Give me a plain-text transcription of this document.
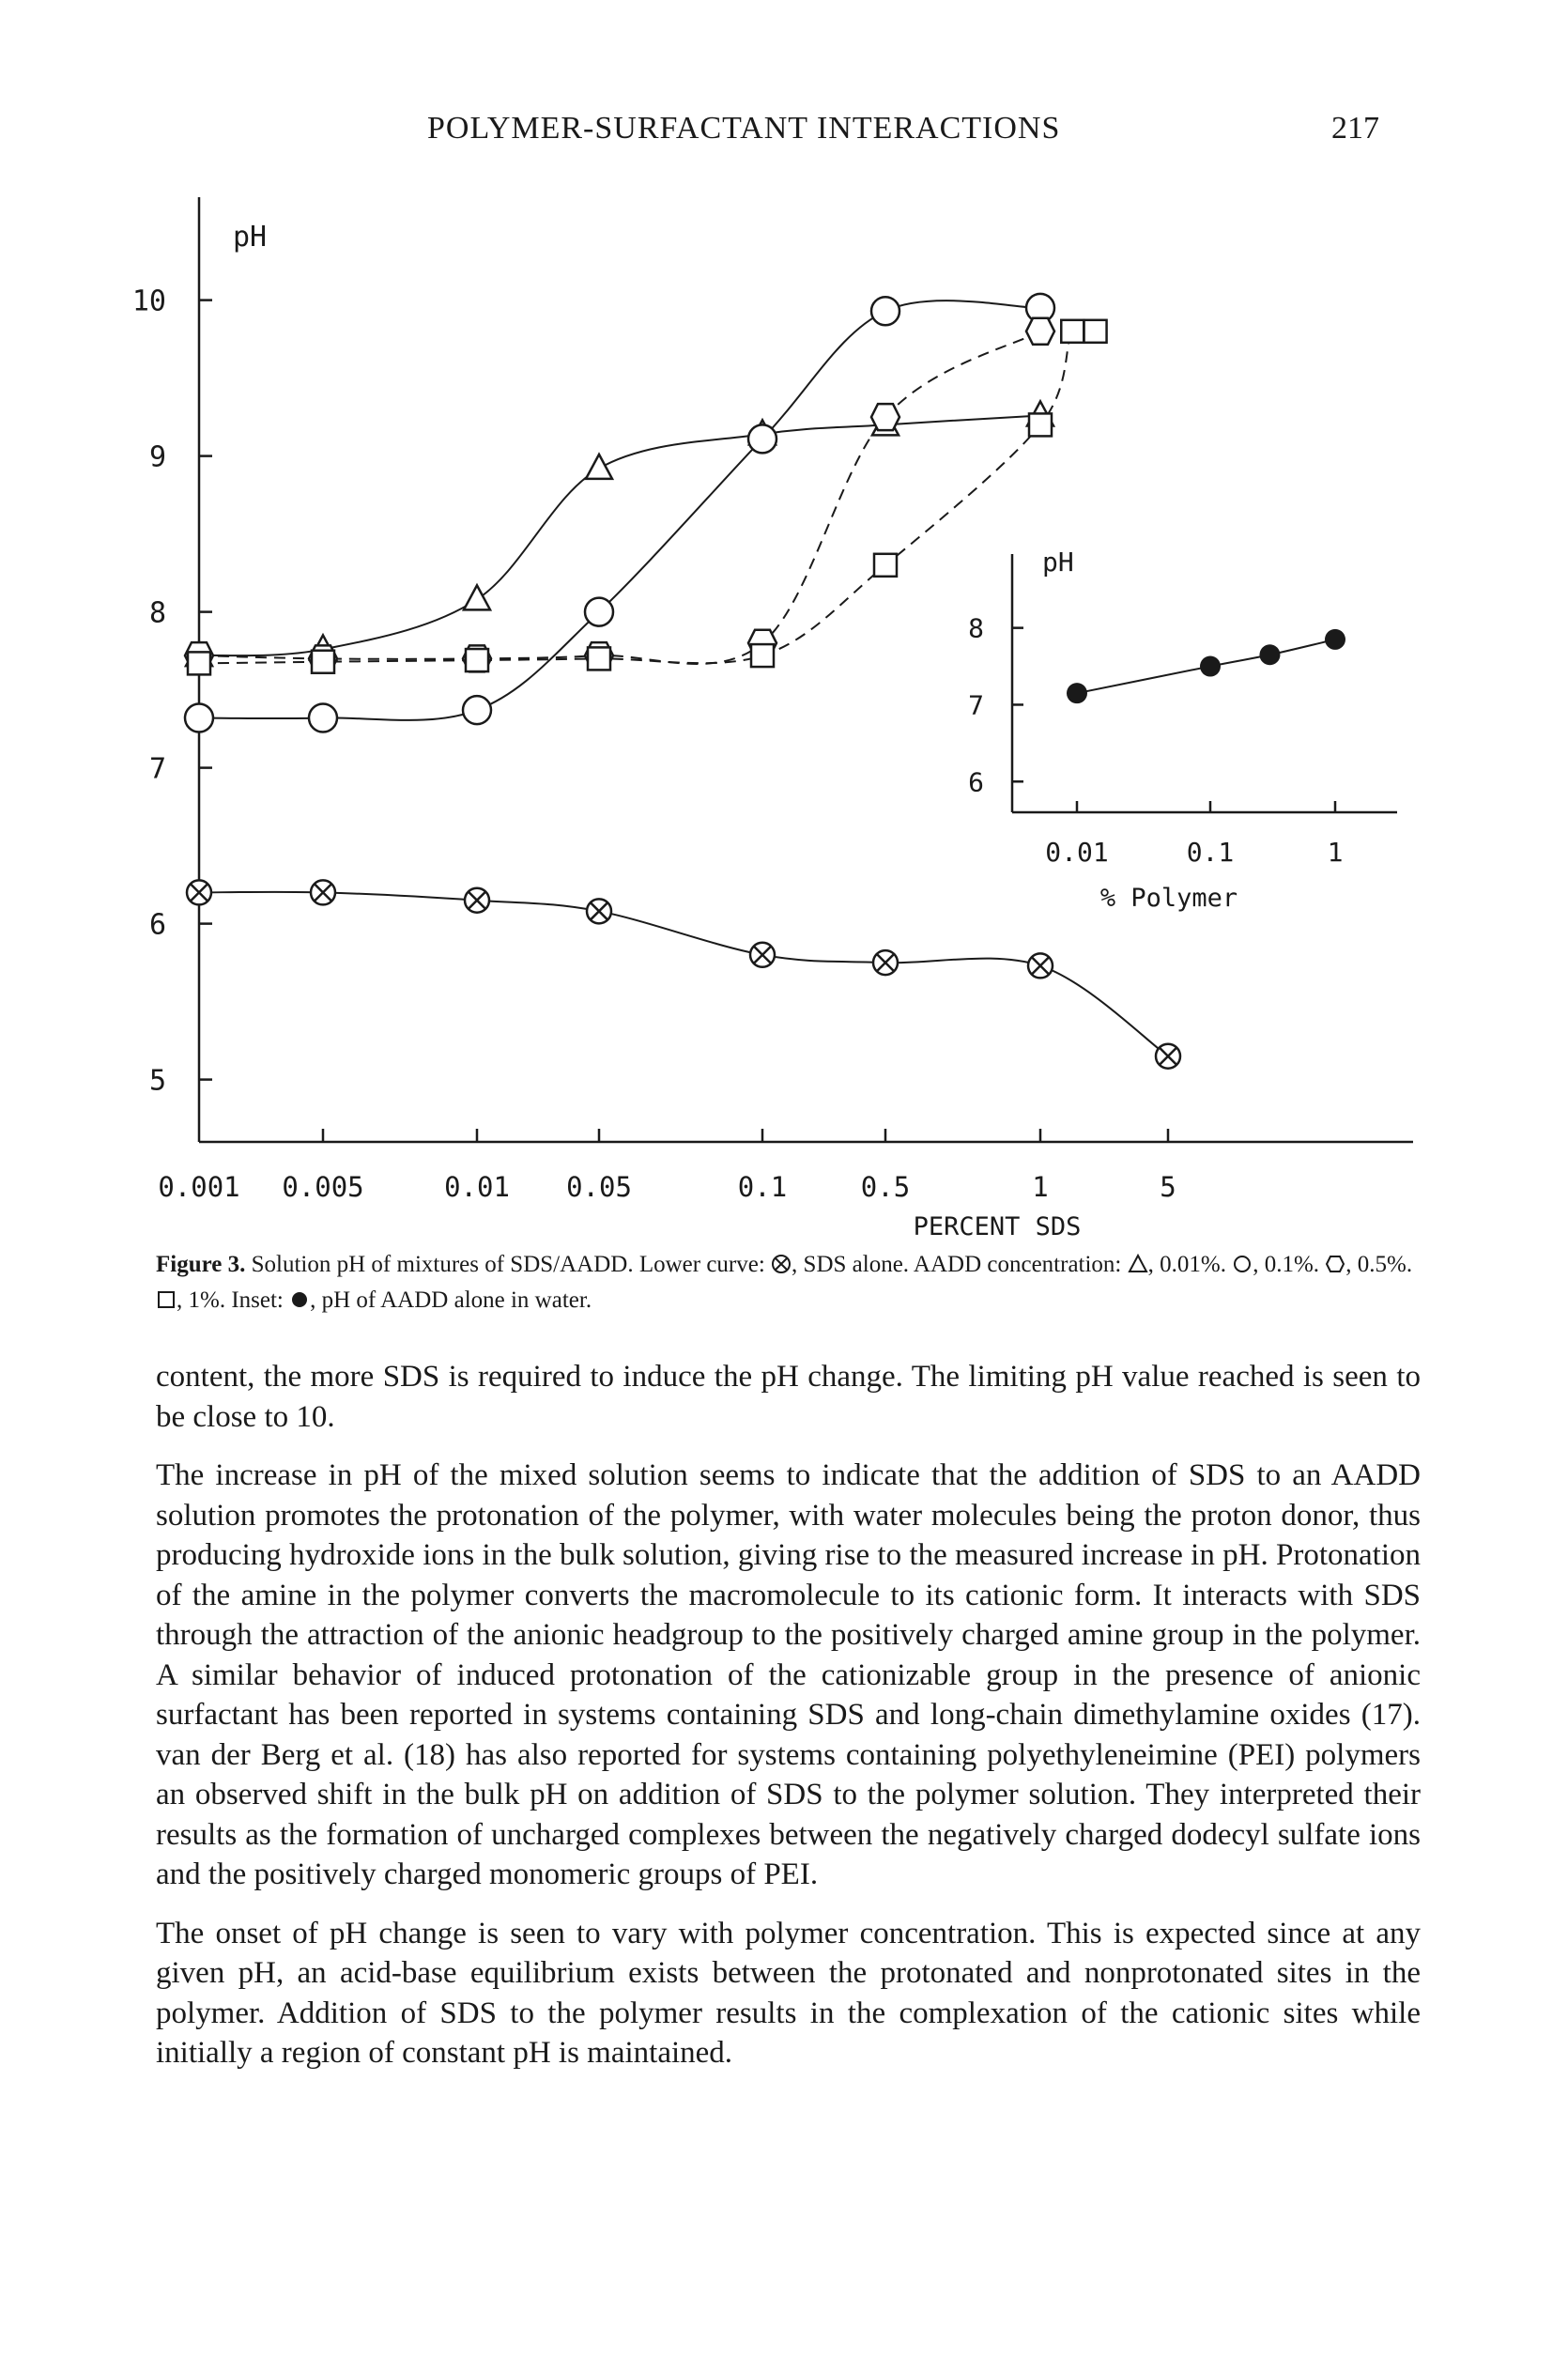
POLYMER-SURFACTANT INTERACTIONS	217
5
6
7
8
9
10
0.001 0.005	0.01 0.05	0.1	0.5	1	5
6
7
8
0.01	0.1	1
pH
PERCENT SDS
pH
% Polymer
Figure 3. Solution pH of mixtures of SDS/AADD. Lower curve: , SDS alone. AADD concentration: , 0.01%. , 0.1%. , 0.5%. , 1%. Inset: , pH of AADD alone in water.

content, the more SDS is required to induce the pH change. The limiting pH value reached is seen to be close to 10.

The increase in pH of the mixed solution seems to indicate that the addition of SDS to an AADD solution promotes the protonation of the polymer, with water molecules being the proton donor, thus producing hydroxide ions in the bulk solution, giving rise to the measured increase in pH. Protonation of the amine in the polymer converts the macromolecule to its cationic form. It interacts with SDS through the attraction of the anionic headgroup to the positively charged amine group in the polymer. A similar behavior of induced protonation of the cationizable group in the presence of anionic surfactant has been reported in systems containing SDS and long-chain dimethylamine oxides (17). van der Berg et al. (18) has also reported for systems containing polyethyleneimine (PEI) polymers an observed shift in the bulk pH on addition of SDS to the polymer solution. They interpreted their results as the formation of uncharged complexes between the negatively charged dodecyl sulfate ions and the positively charged monomeric groups of PEI.

The onset of pH change is seen to vary with polymer concentration. This is expected since at any given pH, an acid-base equilibrium exists between the protonated and nonprotonated sites in the polymer. Addition of SDS to the polymer results in the complexation of the cationic sites while initially a region of constant pH is maintained.
